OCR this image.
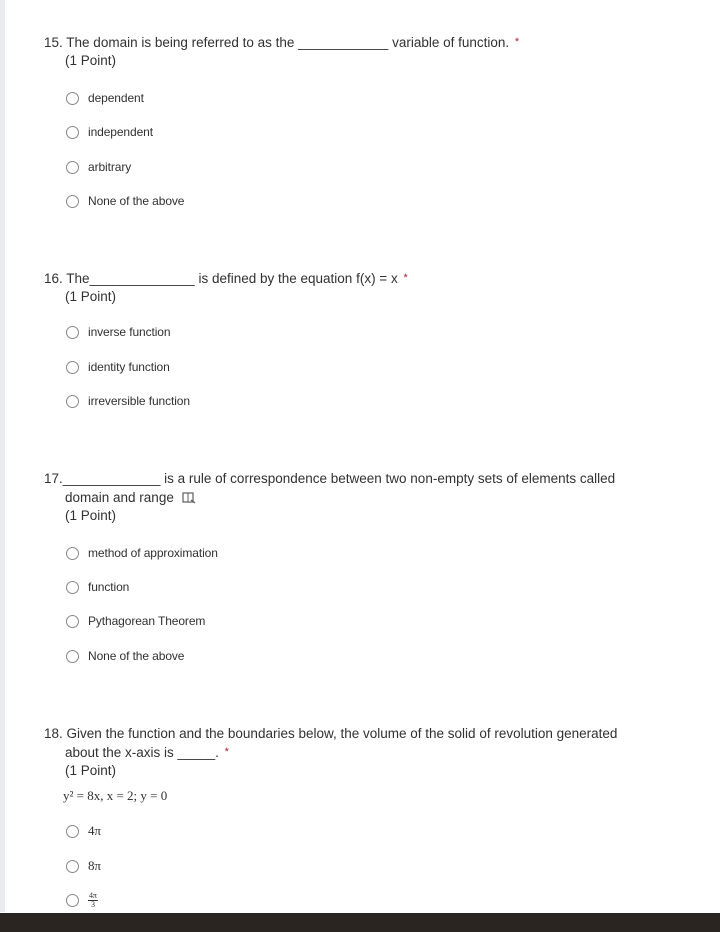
15. The domain is being referred to as the ____________ variable of function. *
(1 Point)
dependent
independent
arbitrary
None of the above
16. The______________ is defined by the equation f(x) = x *
(1 Point)
inverse function
identity function
irreversible function
17._____________ is a rule of correspondence between two non-empty sets of elements called
domain and range
(1 Point)
method of approximation
function
Pythagorean Theorem
None of the above
18. Given the function and the boundaries below, the volume of the solid of revolution generated
about the x-axis is _____. *
(1 Point)
y² = 8x, x = 2; y = 0
4π
8π
$\frac{4\pi}{3}$
